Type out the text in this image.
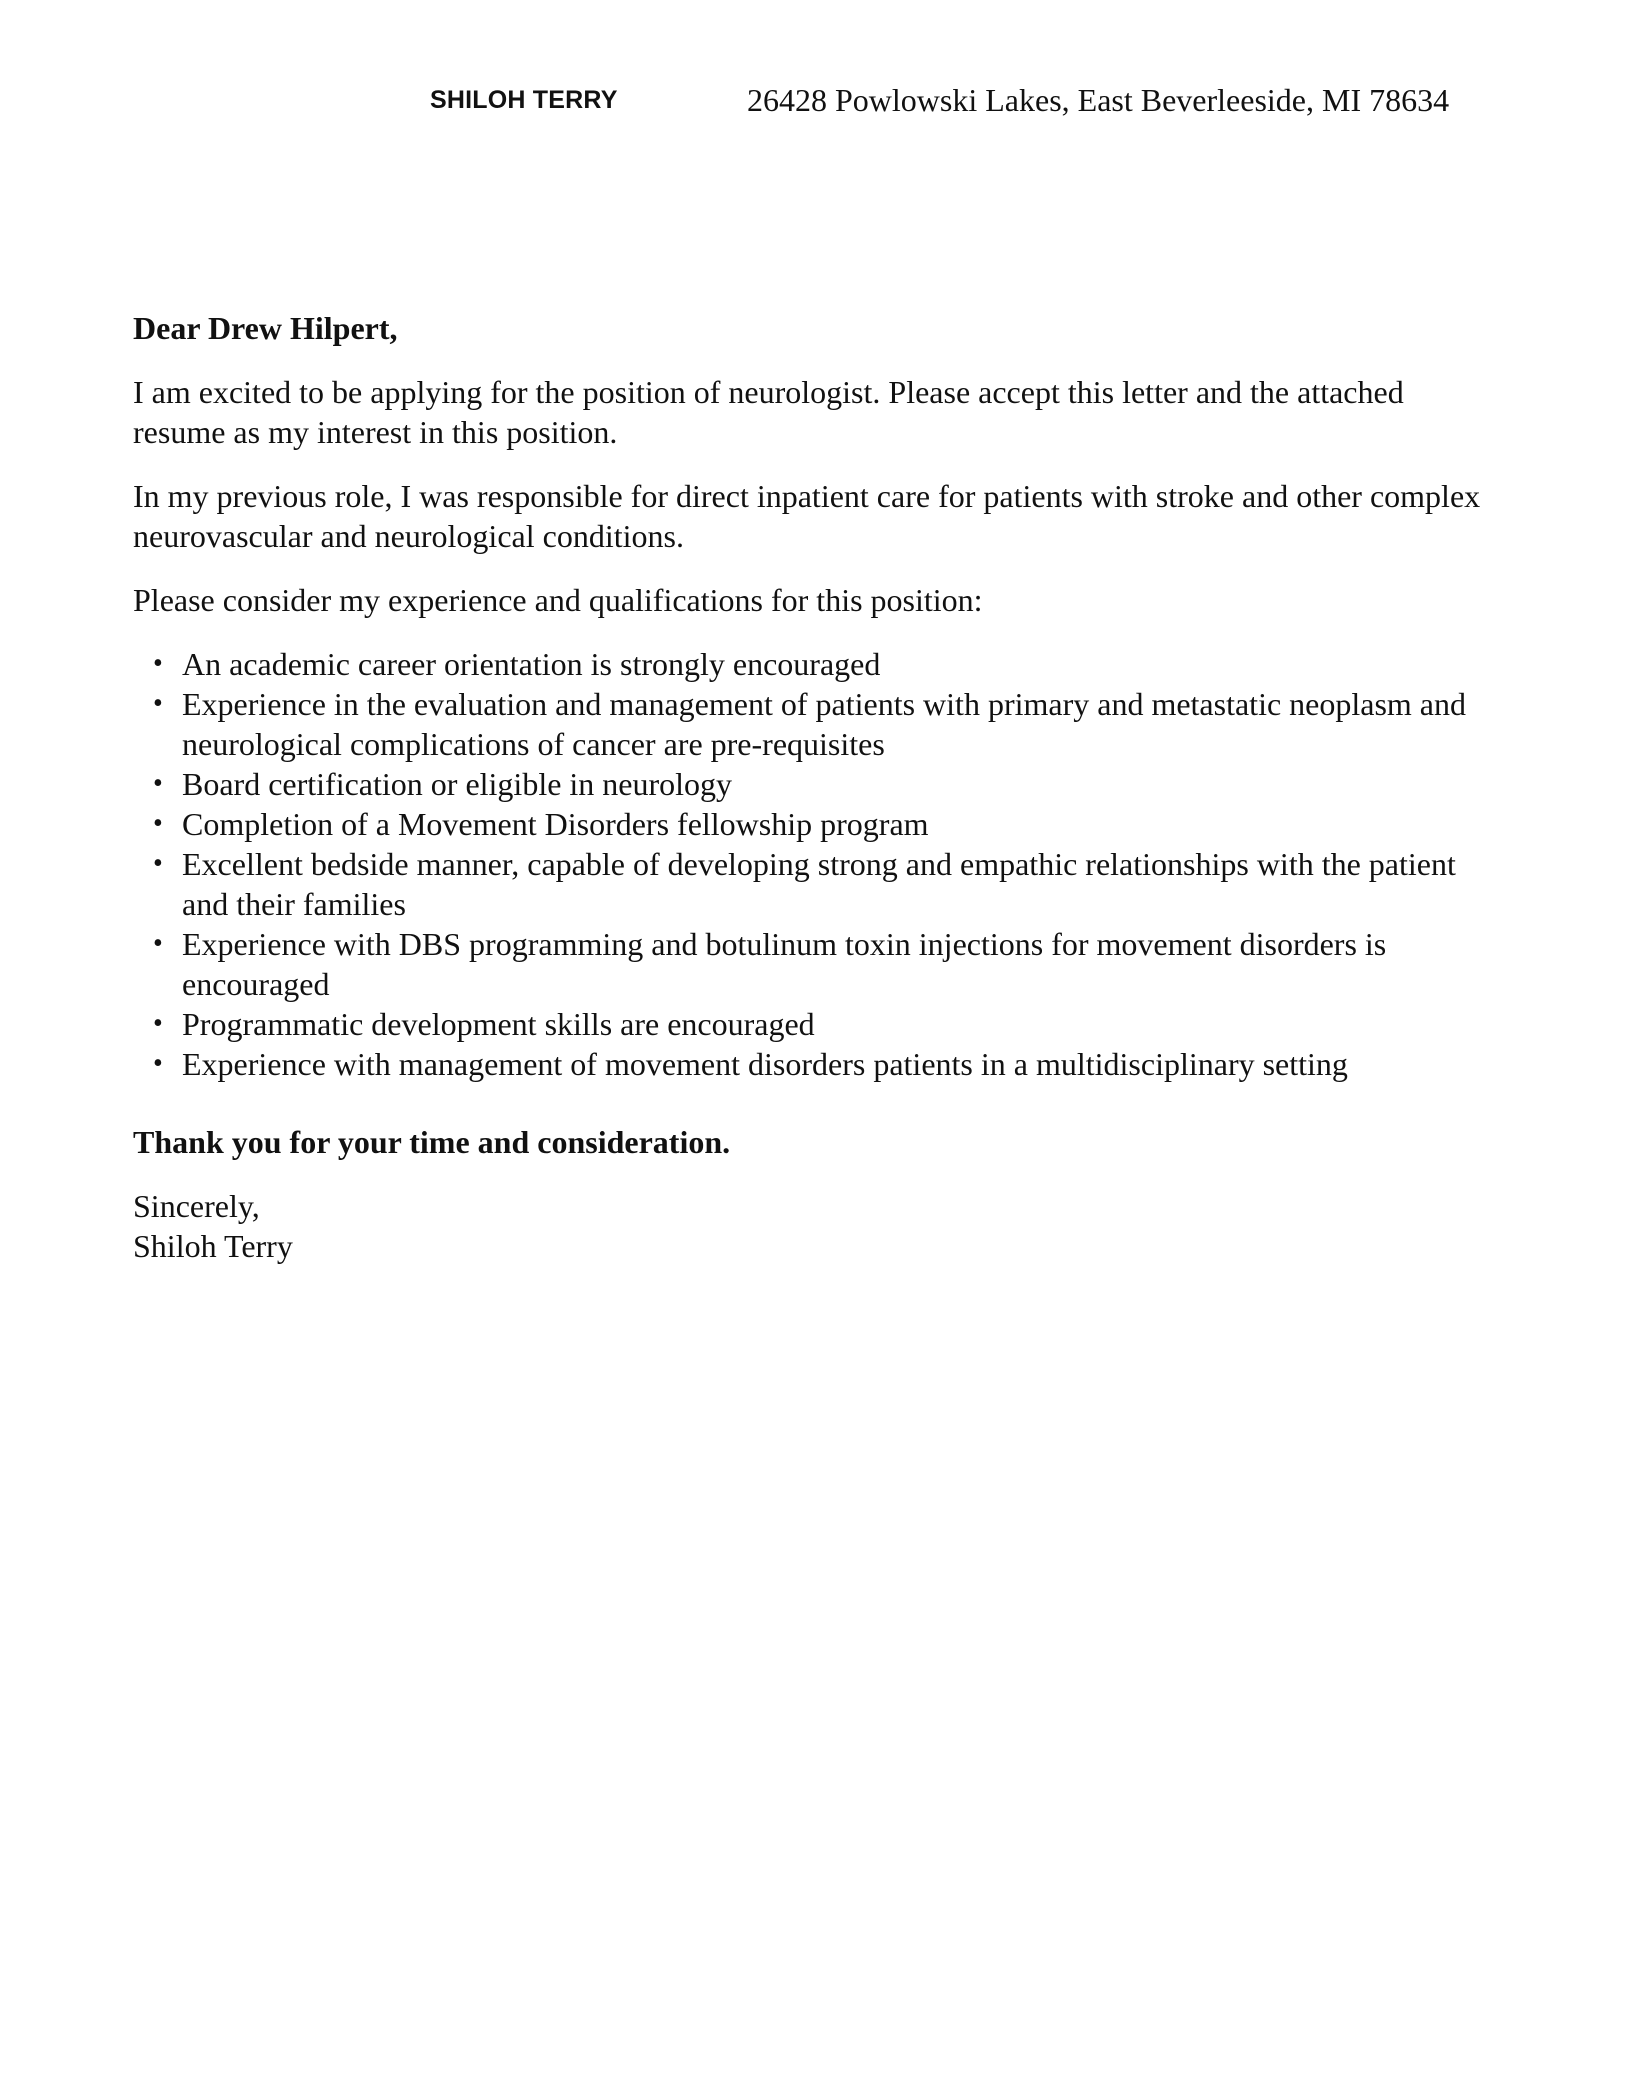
SHILOH TERRY	26428 Powlowski Lakes, East Beverleeside, MI 78634

Dear Drew Hilpert,

I am excited to be applying for the position of neurologist. Please accept this letter and the attached resume as my interest in this position.

In my previous role, I was responsible for direct inpatient care for patients with stroke and other complex neurovascular and neurological conditions.

Please consider my experience and qualifications for this position:

• An academic career orientation is strongly encouraged
• Experience in the evaluation and management of patients with primary and metastatic neoplasm and neurological complications of cancer are pre-requisites
• Board certification or eligible in neurology
• Completion of a Movement Disorders fellowship program
• Excellent bedside manner, capable of developing strong and empathic relationships with the patient and their families
• Experience with DBS programming and botulinum toxin injections for movement disorders is encouraged
• Programmatic development skills are encouraged
• Experience with management of movement disorders patients in a multidisciplinary setting

Thank you for your time and consideration.

Sincerely,

Shiloh Terry
